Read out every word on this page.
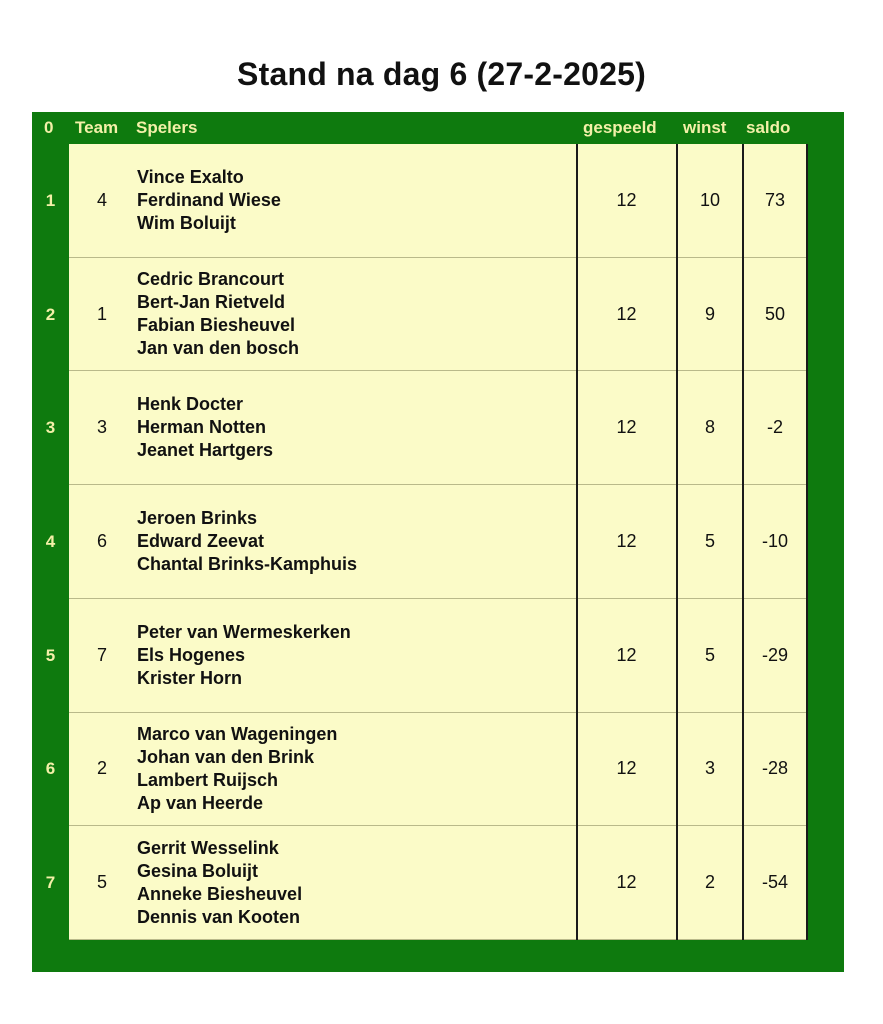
Stand na dag 6 (27-2-2025)
0 Team Spelers	gespeeld winst saldo
7	5
Gerrit Wesselink
Gesina Boluijt
Anneke Biesheuvel
Dennis van Kooten
12	2	-54
6	2
Marco van Wageningen
Johan van den Brink
Lambert Ruijsch
Ap van Heerde
12	3	-28
5	7
Peter van Wermeskerken
Els Hogenes
Krister Horn
12	5	-29
4	6
Jeroen Brinks
Edward Zeevat
Chantal Brinks-Kamphuis
12	5	-10
3	3
Henk Docter
Herman Notten
Jeanet Hartgers
12	8	-2
2	1
Cedric Brancourt
Bert-Jan Rietveld
Fabian Biesheuvel
Jan van den bosch
12	9	50
1	4
Vince Exalto
Ferdinand Wiese
Wim Boluijt
12	10	73
